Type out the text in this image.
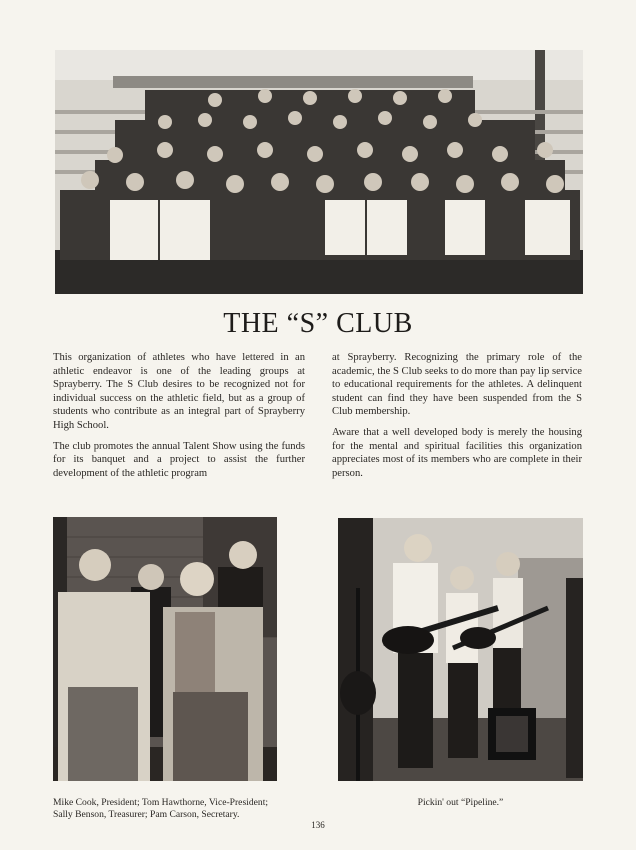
THE “S” CLUB

This organization of athletes who have lettered in an athletic endeavor is one of the leading groups at Sprayberry. The S Club desires to be recognized not for individual success on the athletic field, but as a group of students who contribute as an integral part of Sprayberry High School.

The club promotes the annual Talent Show using the funds for its banquet and a project to assist the further development of the athletic program

at Sprayberry. Recognizing the primary role of the academic, the S Club seeks to do more than pay lip service to educational requirements for the athletes. A delinquent student can find they have been suspended from the S Club membership.

Aware that a well developed body is merely the housing for the mental and spiritual facilities this organization appreciates most of its members who are complete in their person.

Mike Cook, President; Tom Hawthorne, Vice-President; Sally Benson, Treasurer; Pam Carson, Secretary.
Pickin' out “Pipeline.”
136
